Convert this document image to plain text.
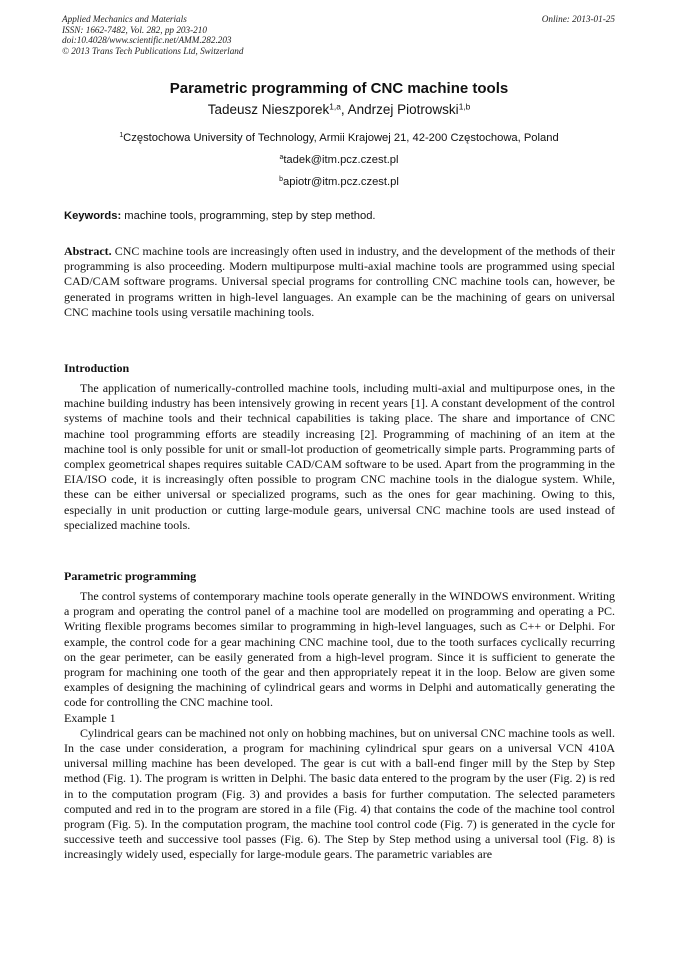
Applied Mechanics and Materials
ISSN: 1662-7482, Vol. 282, pp 203-210
doi:10.4028/www.scientific.net/AMM.282.203
© 2013 Trans Tech Publications Ltd, Switzerland
Online: 2013-01-25
Parametric programming of CNC machine tools
Tadeusz Nieszporek$^{1,a}$, Andrzej Piotrowski$^{1,b}$
$^1$Częstochowa University of Technology, Armii Krajowej 21, 42-200 Częstochowa, Poland
$^a$tadek@itm.pcz.czest.pl
$^b$apiotr@itm.pcz.czest.pl
Keywords: machine tools, programming, step by step method.

Abstract. CNC machine tools are increasingly often used in industry, and the development of the methods of their programming is also proceeding. Modern multipurpose multi-axial machine tools are programmed using special CAD/CAM software programs. Universal special programs for controlling CNC machine tools can, however, be generated in programs written in high-level languages. An example can be the machining of gears on universal CNC machine tools using versatile machining tools.

Introduction

The application of numerically-controlled machine tools, including multi-axial and multipurpose ones, in the machine building industry has been intensively growing in recent years [1]. A constant development of the control systems of machine tools and their technical capabilities is taking place. The share and importance of CNC machine tool programming efforts are steadily increasing [2]. Programming of machining of an item at the machine tool is only possible for unit or small-lot production of geometrically simple parts. Programming parts of complex geometrical shapes requires suitable CAD/CAM software to be used. Apart from the programming in the EIA/ISO code, it is increasingly often possible to program CNC machine tools in the dialogue system. While, these can be either universal or specialized programs, such as the ones for gear machining. Owing to this, especially in unit production or cutting large-module gears, universal CNC machine tools are used instead of specialized machine tools.

Parametric programming

The control systems of contemporary machine tools operate generally in the WINDOWS environment. Writing a program and operating the control panel of a machine tool are modelled on programming and operating a PC. Writing flexible programs becomes similar to programming in high-level languages, such as C++ or Delphi. For example, the control code for a gear machining CNC machine tool, due to the tooth surfaces cyclically recurring on the gear perimeter, can be easily generated from a high-level program. Since it is sufficient to generate the program for machining one tooth of the gear and then appropriately repeat it in the loop. Below are given some examples of designing the machining of cylindrical gears and worms in Delphi and automatically generating the code for controlling the CNC machine tool.

Example 1

Cylindrical gears can be machined not only on hobbing machines, but on universal CNC machine tools as well. In the case under consideration, a program for machining cylindrical spur gears on a universal VCN 410A universal milling machine has been developed. The gear is cut with a ball-end finger mill by the Step by Step method (Fig. 1). The program is written in Delphi. The basic data entered to the program by the user (Fig. 2) is red in to the computation program (Fig. 3) and provides a basis for further computation. The selected parameters computed and red in to the program are stored in a file (Fig. 4) that contains the code of the machine tool control program (Fig. 5). In the computation program, the machine tool control code (Fig. 7) is generated in the cycle for successive teeth and successive tool passes (Fig. 6). The Step by Step method using a universal tool (Fig. 8) is increasingly widely used, especially for large-module gears. The parametric variables are
